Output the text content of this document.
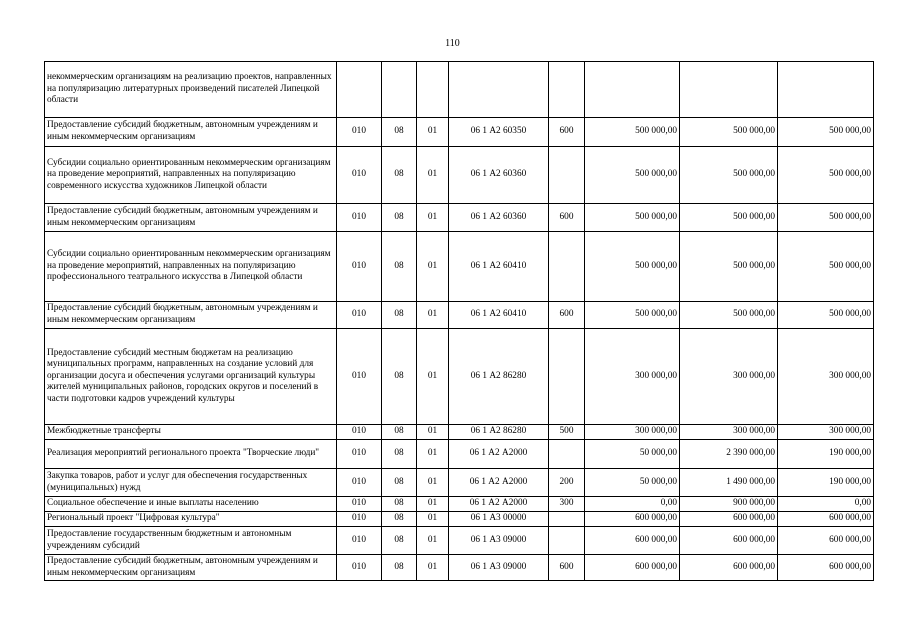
110
некоммерческим организациям на реализацию проектов, направленных на популяризацию литературных произведений писателей Липецкой области								
Предоставление субсидий бюджетным, автономным учреждениям и иным некоммерческим организациям	010	08	01	06 1 А2 60350	600	500 000,00	500 000,00	500 000,00
Субсидии социально ориентированным некоммерческим организациям на проведение мероприятий, направленных на популяризацию современного искусства художников Липецкой области	010	08	01	06 1 А2 60360		500 000,00	500 000,00	500 000,00
Предоставление субсидий бюджетным, автономным учреждениям и иным некоммерческим организациям	010	08	01	06 1 А2 60360	600	500 000,00	500 000,00	500 000,00
Субсидии социально ориентированным некоммерческим организациям на проведение мероприятий, направленных на популяризацию профессионального театрального искусства в Липецкой области	010	08	01	06 1 А2 60410		500 000,00	500 000,00	500 000,00
Предоставление субсидий бюджетным, автономным учреждениям и иным некоммерческим организациям	010	08	01	06 1 А2 60410	600	500 000,00	500 000,00	500 000,00
Предоставление субсидий местным бюджетам на реализацию муниципальных программ, направленных на создание условий для организации досуга и обеспечения услугами организаций культуры жителей муниципальных районов, городских округов и поселений в части подготовки кадров учреждений культуры	010	08	01	06 1 А2 86280		300 000,00	300 000,00	300 000,00
Межбюджетные трансферты	010	08	01	06 1 А2 86280	500	300 000,00	300 000,00	300 000,00
Реализация мероприятий регионального проекта "Творческие люди"	010	08	01	06 1 А2 А2000		50 000,00	2 390 000,00	190 000,00
Закупка товаров, работ и услуг для обеспечения государственных (муниципальных) нужд	010	08	01	06 1 А2 А2000	200	50 000,00	1 490 000,00	190 000,00
Социальное обеспечение и иные выплаты населению	010	08	01	06 1 А2 А2000	300	0,00	900 000,00	0,00
Региональный проект "Цифровая культура"	010	08	01	06 1 А3 00000		600 000,00	600 000,00	600 000,00
Предоставление государственным бюджетным и автономным учреждениям субсидий	010	08	01	06 1 А3 09000		600 000,00	600 000,00	600 000,00
Предоставление субсидий бюджетным, автономным учреждениям и иным некоммерческим организациям	010	08	01	06 1 А3 09000	600	600 000,00	600 000,00	600 000,00
